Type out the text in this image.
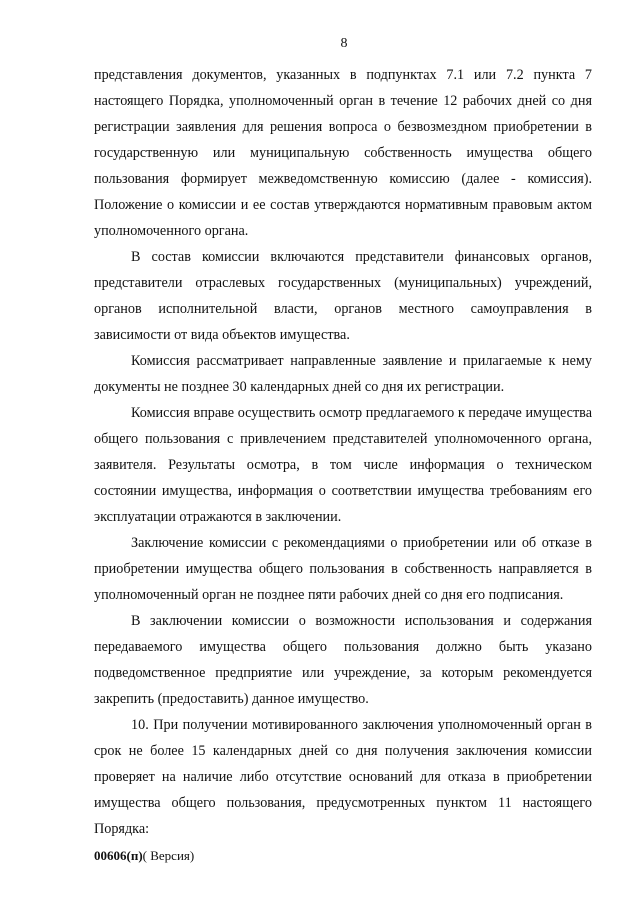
8

представления документов, указанных в подпунктах 7.1 или 7.2 пункта 7 настоящего Порядка, уполномоченный орган в течение 12 рабочих дней со дня регистрации заявления для решения вопроса о безвозмездном приобретении в государственную или муниципальную собственность имущества общего пользования формирует межведомственную комиссию (далее - комиссия). Положение о комиссии и ее состав утверждаются нормативным правовым актом уполномоченного органа.

В состав комиссии включаются представители финансовых органов, представители отраслевых государственных (муниципальных) учреждений, органов исполнительной власти, органов местного самоуправления в зависимости от вида объектов имущества.

Комиссия рассматривает направленные заявление и прилагаемые к нему документы не позднее 30 календарных дней со дня их регистрации.

Комиссия вправе осуществить осмотр предлагаемого к передаче имущества общего пользования с привлечением представителей уполномоченного органа, заявителя. Результаты осмотра, в том числе информация о техническом состоянии имущества, информация о соответствии имущества требованиям его эксплуатации отражаются в заключении.

Заключение комиссии с рекомендациями о приобретении или об отказе в приобретении имущества общего пользования в собственность направляется в уполномоченный орган не позднее пяти рабочих дней со дня его подписания.

В заключении комиссии о возможности использования и содержания передаваемого имущества общего пользования должно быть указано подведомственное предприятие или учреждение, за которым рекомендуется закрепить (предоставить) данное имущество.

10. При получении мотивированного заключения уполномоченный орган в срок не более 15 календарных дней со дня получения заключения комиссии проверяет на наличие либо отсутствие оснований для отказа в приобретении имущества общего пользования, предусмотренных пунктом 11 настоящего Порядка:

00606(п)( Версия)
